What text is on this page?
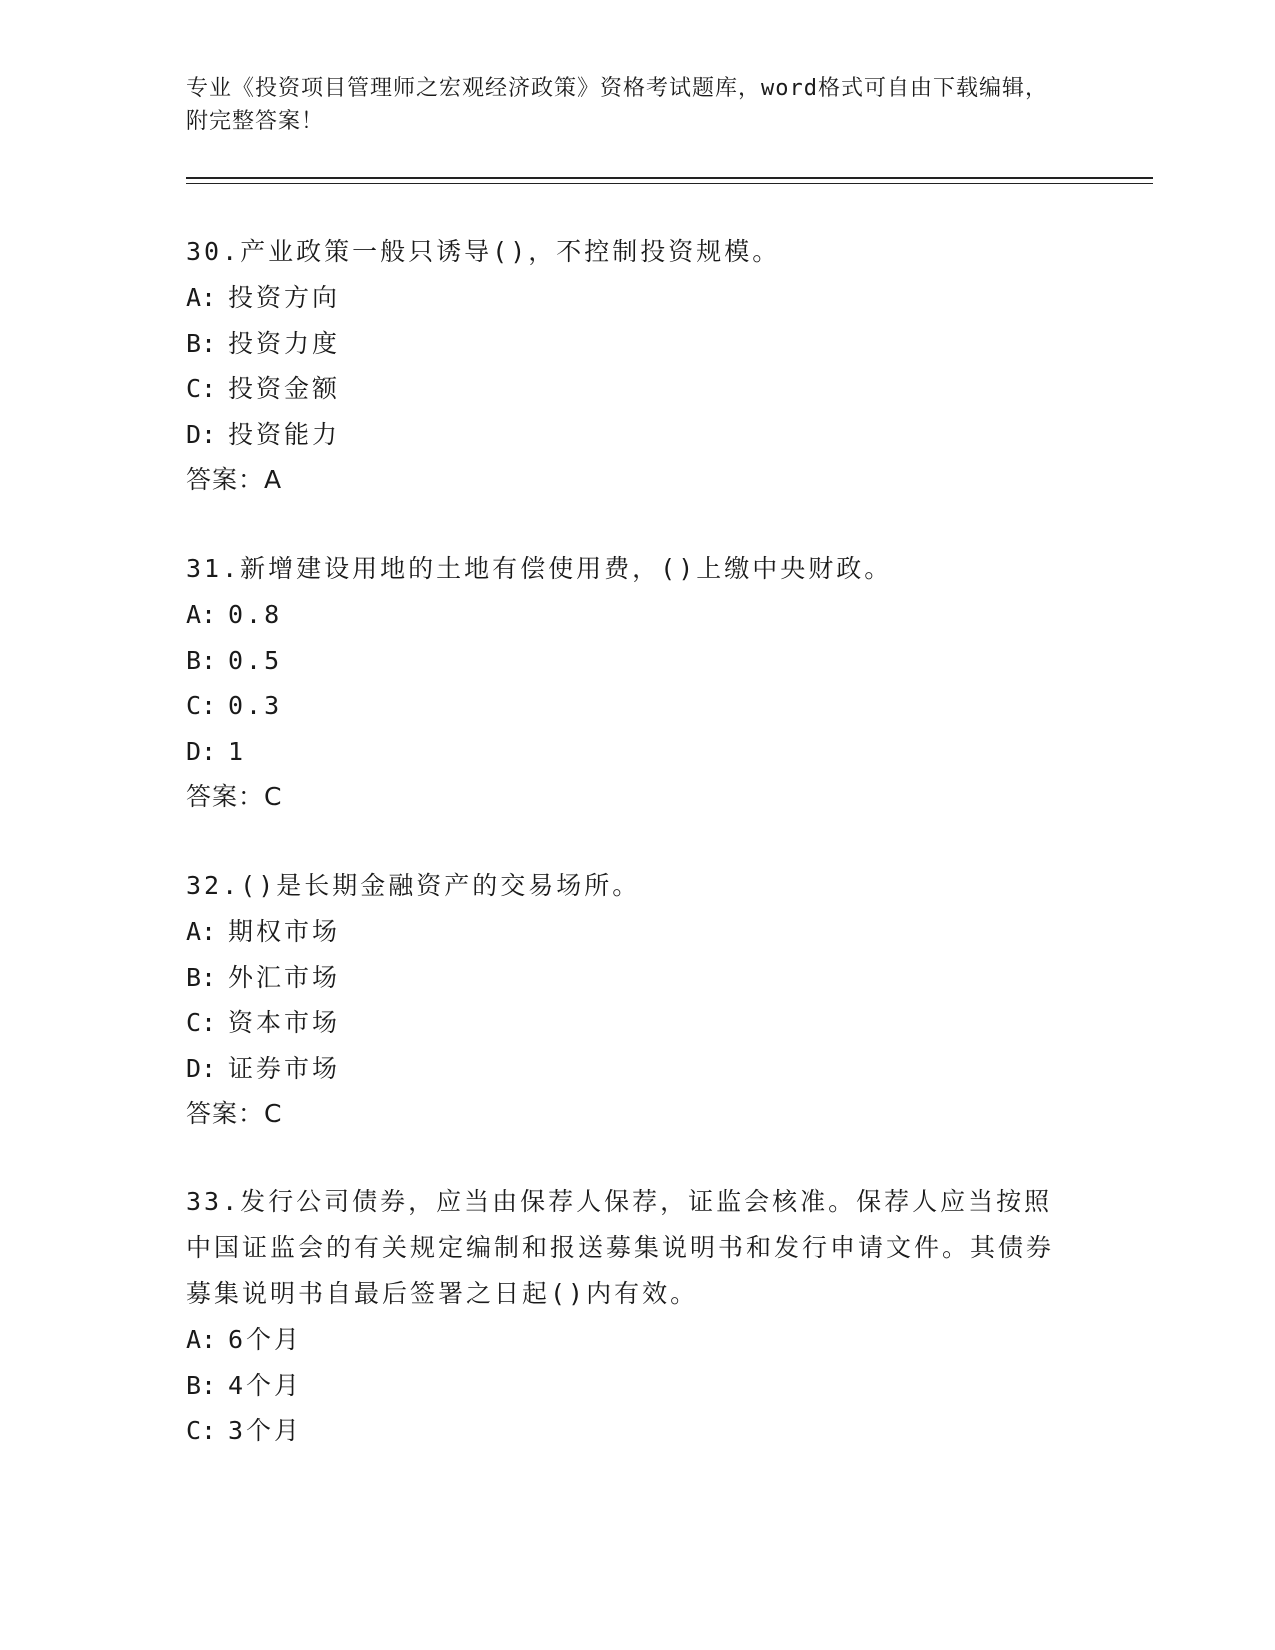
专业《投资项目管理师之宏观经济政策》资格考试题库，word格式可自由下载编辑，附完整答案！
30.产业政策一般只诱导()，不控制投资规模。
A: 投资方向
B: 投资力度
C: 投资金额
D: 投资能力
答案：A
31.新增建设用地的土地有偿使用费，()上缴中央财政。
A: 0.8
B: 0.5
C: 0.3
D: 1
答案：C
32.()是长期金融资产的交易场所。
A: 期权市场
B: 外汇市场
C: 资本市场
D: 证券市场
答案：C
33.发行公司债券，应当由保荐人保荐，证监会核准。保荐人应当按照中国证监会的有关规定编制和报送募集说明书和发行申请文件。其债券募集说明书自最后签署之日起()内有效。
A: 6个月
B: 4个月
C: 3个月
